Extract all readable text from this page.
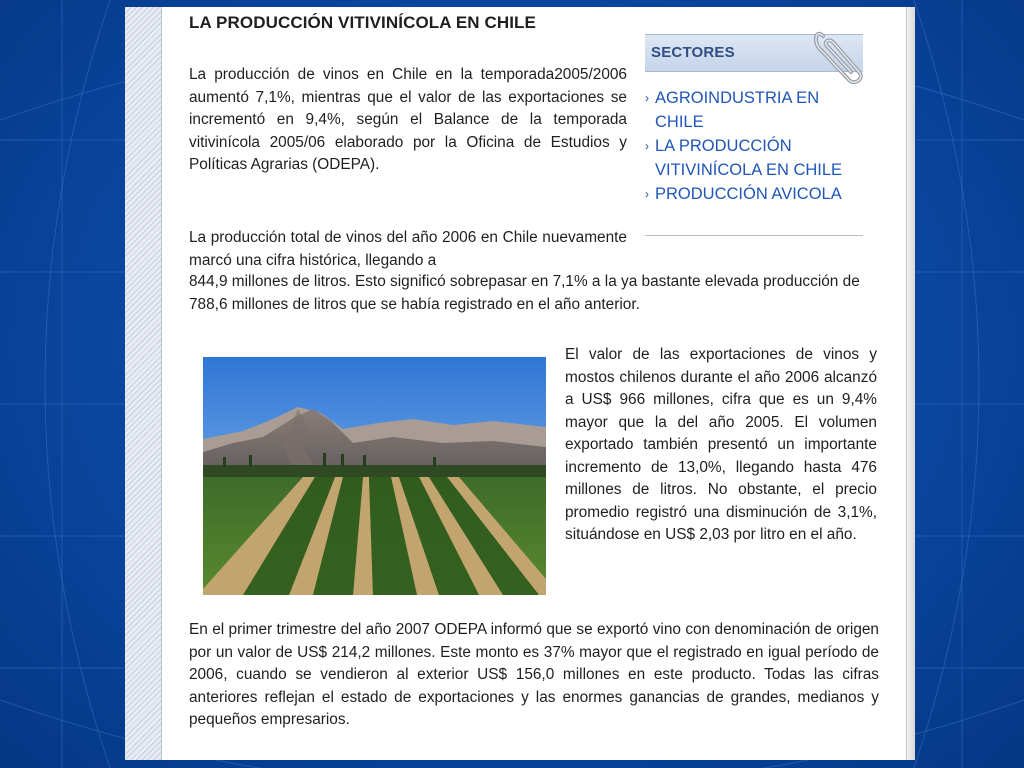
LA PRODUCCIÓN VITIVINÍCOLA EN CHILE
La producción de vinos en Chile en la temporada2005/2006 aumentó 7,1%, mientras que el valor de las exportaciones se incrementó en 9,4%, según el Balance de la temporada vitivinícola 2005/06 elaborado por la Oficina de Estudios y Políticas Agrarias (ODEPA).
La producción total de vinos del año 2006 en Chile nuevamente marcó una cifra histórica, llegando a
844,9 millones de litros. Esto significó sobrepasar en 7,1% a la ya bastante elevada producción de 788,6 millones de litros que se había registrado en el año anterior.
El valor de las exportaciones de vinos y mostos chilenos durante el año 2006 alcanzó a US$ 966 millones, cifra que es un 9,4% mayor que la del año 2005. El volumen exportado también presentó un importante incremento de 13,0%, llegando hasta 476 millones de litros. No obstante, el precio promedio registró una disminución de 3,1%, situándose en US$ 2,03 por litro en el año.
En el primer trimestre del año 2007 ODEPA informó que se exportó vino con denominación de origen por un valor de US$ 214,2 millones. Este monto es 37% mayor que el registrado en igual período de 2006, cuando se vendieron al exterior US$ 156,0 millones en este producto. Todas las cifras anteriores reflejan el estado de exportaciones y las enormes ganancias de grandes, medianos y pequeños empresarios.
SECTORES
› AGROINDUSTRIA EN
CHILE
› LA PRODUCCIÓN
VITIVINÍCOLA EN CHILE
› PRODUCCIÓN AVICOLA
